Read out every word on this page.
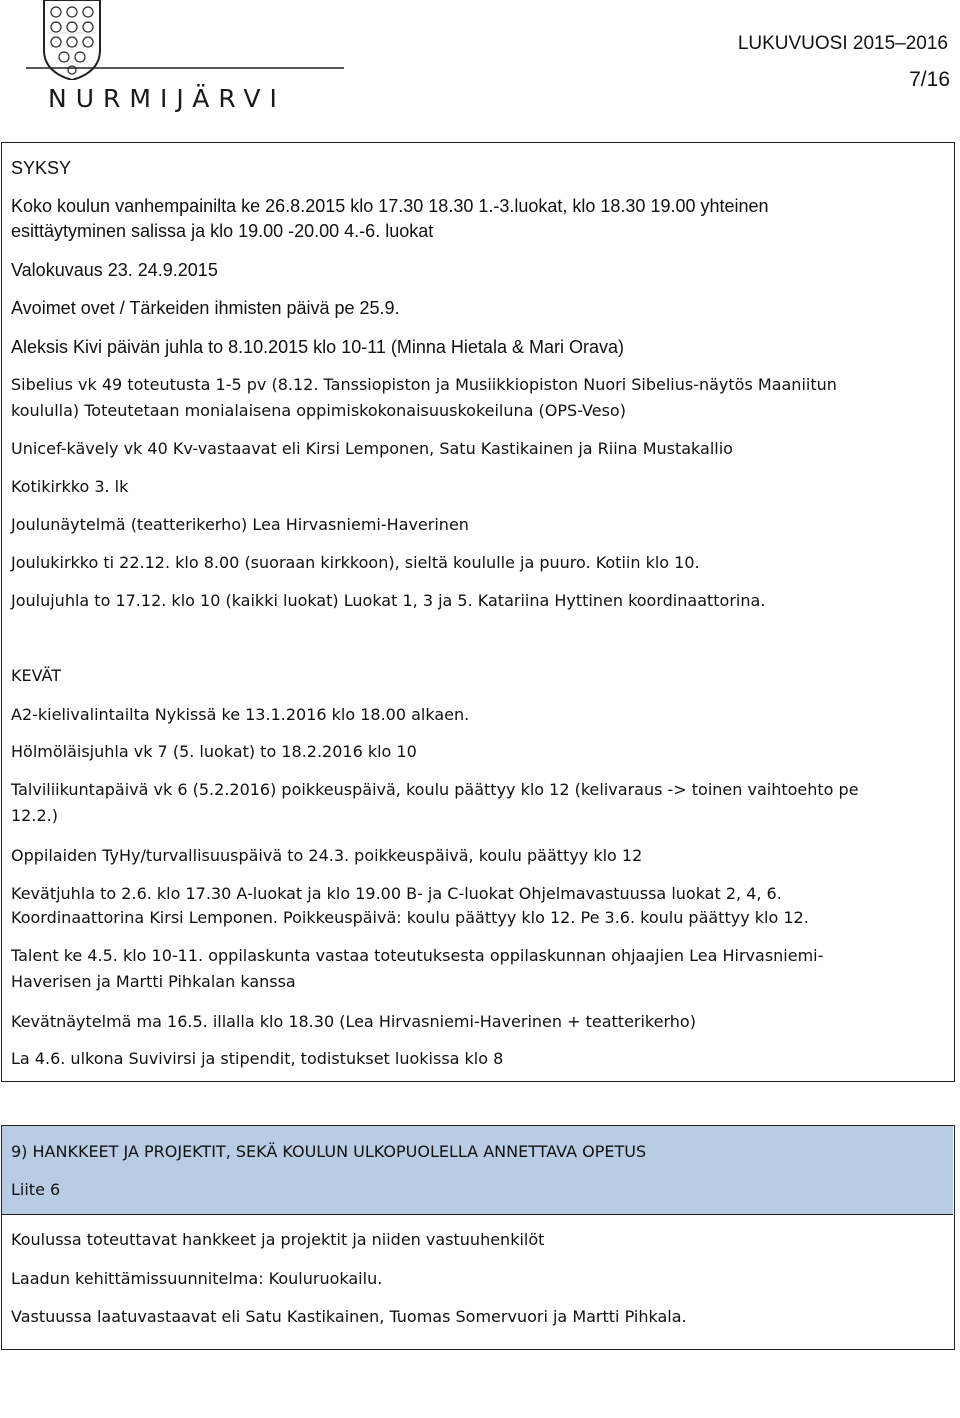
NURMIJÄRVI
LUKUVUOSI 2015–2016
7/16
SYKSY
Koko koulun vanhempainilta ke 26.8.2015 klo 17.30 18.30 1.-3.luokat, klo 18.30 19.00 yhteinen
esittäytyminen salissa ja klo 19.00 -20.00 4.-6. luokat
Valokuvaus 23. 24.9.2015
Avoimet ovet / Tärkeiden ihmisten päivä pe 25.9.
Aleksis Kivi päivän juhla to 8.10.2015 klo 10-11 (Minna Hietala & Mari Orava)
Sibelius vk 49 toteutusta 1-5 pv (8.12. Tanssiopiston ja Musiikkiopiston Nuori Sibelius-näytös Maaniitun
koululla) Toteutetaan monialaisena oppimiskokonaisuuskokeiluna (OPS-Veso)
Unicef-kävely vk 40 Kv-vastaavat eli Kirsi Lemponen, Satu Kastikainen ja Riina Mustakallio
Kotikirkko 3. lk
Joulunäytelmä (teatterikerho) Lea Hirvasniemi-Haverinen
Joulukirkko ti 22.12. klo 8.00 (suoraan kirkkoon), sieltä koululle ja puuro. Kotiin klo 10.
Joulujuhla to 17.12. klo 10 (kaikki luokat) Luokat 1, 3 ja 5. Katariina Hyttinen koordinaattorina.
KEVÄT
A2-kielivalintailta Nykissä ke 13.1.2016 klo 18.00 alkaen.
Hölmöläisjuhla vk 7 (5. luokat) to 18.2.2016 klo 10
Talviliikuntapäivä vk 6 (5.2.2016) poikkeuspäivä, koulu päättyy klo 12 (kelivaraus -> toinen vaihtoehto pe
12.2.)
Oppilaiden TyHy/turvallisuuspäivä to 24.3. poikkeuspäivä, koulu päättyy klo 12
Kevätjuhla to 2.6. klo 17.30 A-luokat ja klo 19.00 B- ja C-luokat Ohjelmavastuussa luokat 2, 4, 6.
Koordinaattorina Kirsi Lemponen. Poikkeuspäivä: koulu päättyy klo 12. Pe 3.6. koulu päättyy klo 12.
Talent ke 4.5. klo 10-11. oppilaskunta vastaa toteutuksesta oppilaskunnan ohjaajien Lea Hirvasniemi-
Haverisen ja Martti Pihkalan kanssa
Kevätnäytelmä ma 16.5. illalla klo 18.30 (Lea Hirvasniemi-Haverinen + teatterikerho)
La 4.6. ulkona Suvivirsi ja stipendit, todistukset luokissa klo 8
9) HANKKEET JA PROJEKTIT, SEKÄ KOULUN ULKOPUOLELLA ANNETTAVA OPETUS
Liite 6
Koulussa toteuttavat hankkeet ja projektit ja niiden vastuuhenkilöt
Laadun kehittämissuunnitelma: Kouluruokailu.
Vastuussa laatuvastaavat eli Satu Kastikainen, Tuomas Somervuori ja Martti Pihkala.
